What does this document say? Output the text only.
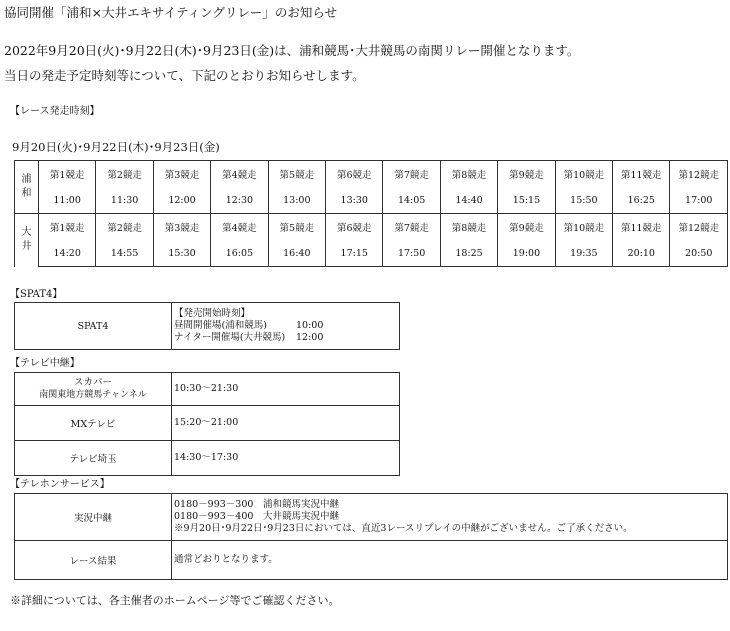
協同開催「浦和×大井エキサイティングリレー」のお知らせ
2022年9月20日(火)･9月22日(木)･9月23日(金)は、浦和競馬･大井競馬の南関リレー開催となります。
当日の発走予定時刻等について、下記のとおりお知らせします。
【レース発走時刻】
9月20日(火)･9月22日(木)･9月23日(金)
浦
和	第1競走	第2競走	第3競走	第4競走	第5競走	第6競走	第7競走	第8競走	第9競走	第10競走	第11競走	第12競走
	11:00	11:30	12:00	12:30	13:00	13:30	14:05	14:40	15:15	15:50	16:25	17:00

大
井	第1競走	第2競走	第3競走	第4競走	第5競走	第6競走	第7競走	第8競走	第9競走	第10競走	第11競走	第12競走
	14:20	14:55	15:30	16:05	16:40	17:15	17:50	18:25	19:00	19:35	20:10	20:50
【SPAT4】
SPAT4	
【発売開始時刻】
昼間開催場(浦和競馬)	10:00
ナイター開催場(大井競馬) 12:00
【テレビ中継】
スカパー
南関東地方競馬チャンネル	10:30～21:30
MXテレビ	15:20～21:00
テレビ埼玉	14:30～17:30
【テレホンサービス】
実況中継	0180－993－300　浦和競馬実況中継
0180－993－400　大井競馬実況中継
※9月20日･9月22日･9月23日においては、直近3レースリプレイの中継がございません。ご了承ください。

レース結果	通常どおりとなります。
※詳細については、各主催者のホームページ等でご確認ください。
